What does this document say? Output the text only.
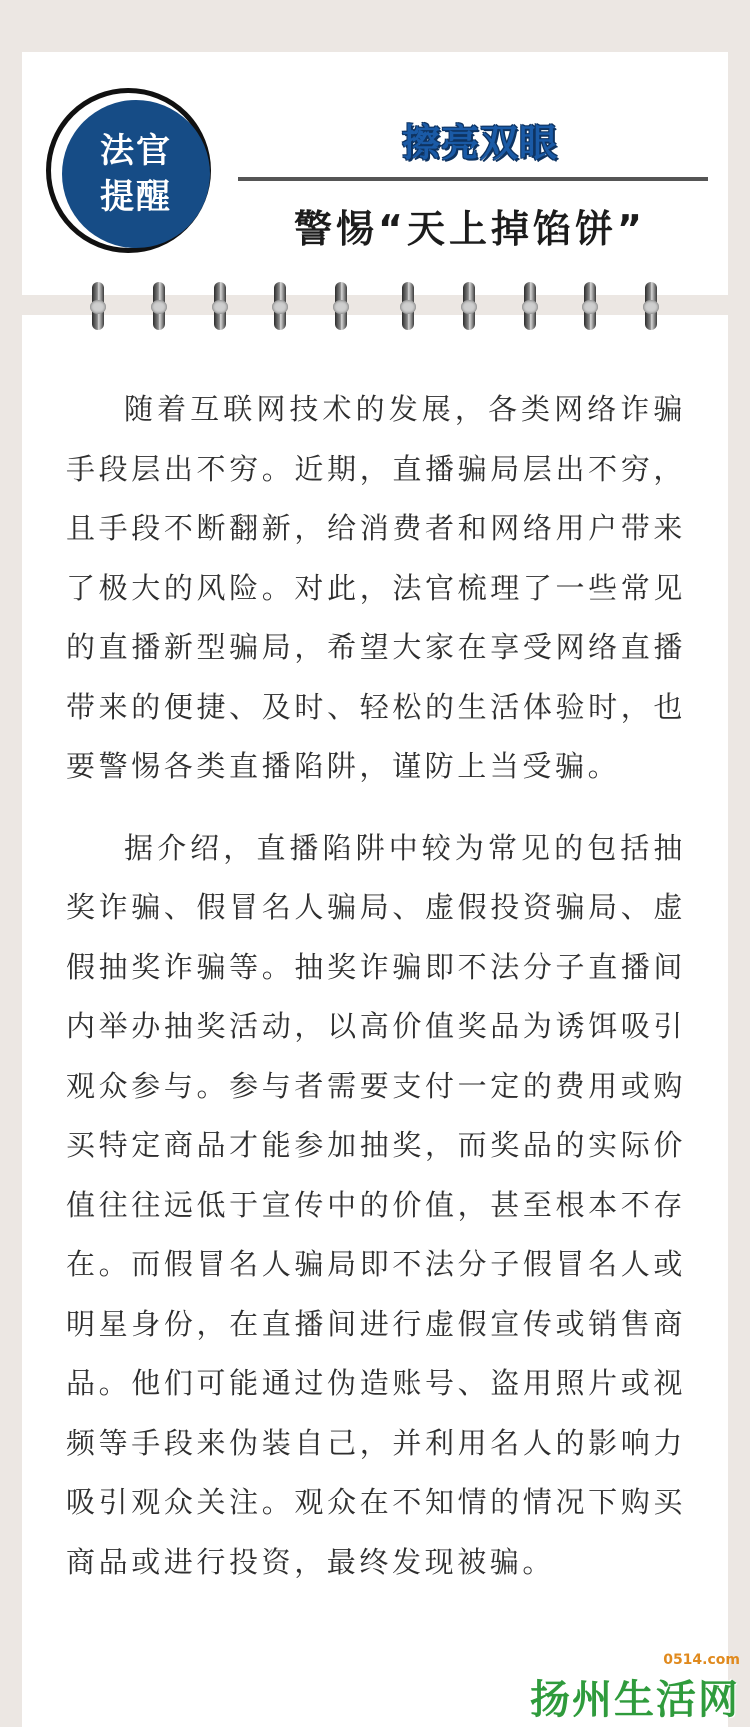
法官
提醒
擦亮双眼
警惕“天上掉馅饼”

随着互联网技术的发展，各类网络诈骗手段层出不穷。近期，直播骗局层出不穷，且手段不断翻新，给消费者和网络用户带来了极大的风险。对此，法官梳理了一些常见的直播新型骗局，希望大家在享受网络直播带来的便捷、及时、轻松的生活体验时，也要警惕各类直播陷阱，谨防上当受骗。

据介绍，直播陷阱中较为常见的包括抽奖诈骗、假冒名人骗局、虚假投资骗局、虚假抽奖诈骗等。抽奖诈骗即不法分子直播间内举办抽奖活动，以高价值奖品为诱饵吸引观众参与。参与者需要支付一定的费用或购买特定商品才能参加抽奖，而奖品的实际价值往往远低于宣传中的价值，甚至根本不存在。而假冒名人骗局即不法分子假冒名人或明星身份，在直播间进行虚假宣传或销售商品。他们可能通过伪造账号、盗用照片或视频等手段来伪装自己，并利用名人的影响力吸引观众关注。观众在不知情的情况下购买商品或进行投资，最终发现被骗。

0514.com
扬州生活网
